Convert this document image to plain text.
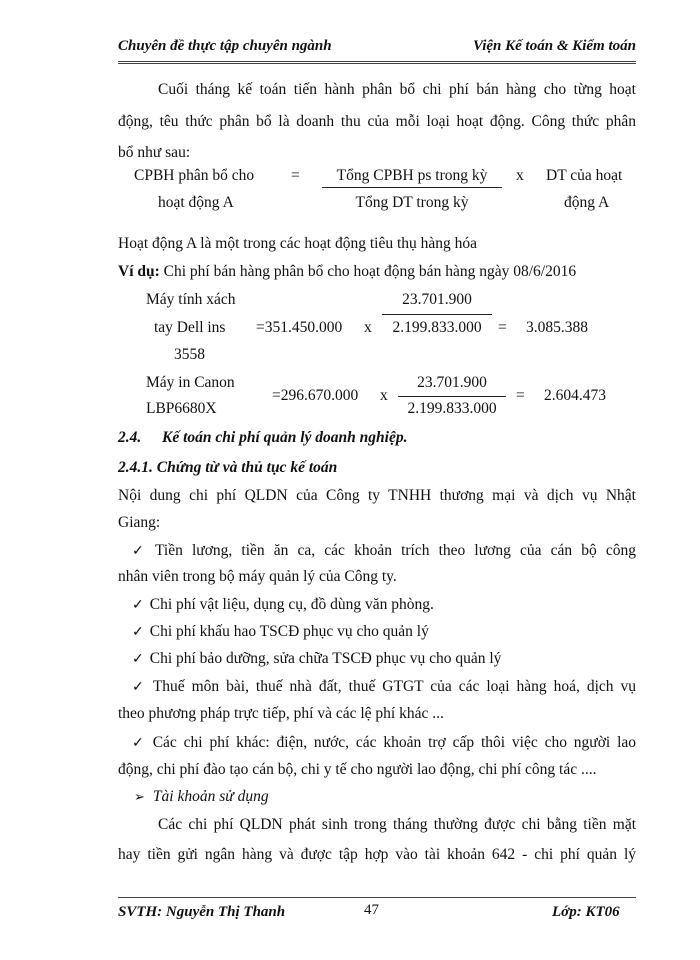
Chuyên đề thực tập chuyên ngành	Viện Kế toán & Kiểm toán
Cuối tháng kế toán tiến hành phân bổ chi phí bán hàng cho từng hoạt
động, têu thức phân bổ là doanh thu của mỗi loại hoạt động. Công thức phân
bổ như sau:
CPBH phân bổ cho
hoạt động A
=	Tổng CPBH ps trong kỳ
Tổng DT trong kỳ
x DT của hoạt
động A
Hoạt động A là một trong các hoạt động tiêu thụ hàng hóa
Ví dụ: Chi phí bán hàng phân bổ cho hoạt động bán hàng ngày 08/6/2016
Máy tính xách
tay Dell ins
3558
=351.450.000 x
23.701.900
2.199.833.000	= 3.085.388
Máy in Canon
LBP6680X
=296.670.000 x
23.701.900
2.199.833.000
= 2.604.473
2.4. Kế toán chi phí quản lý doanh nghiệp.
2.4.1. Chứng từ và thủ tục kế toán
Nội dung chi phí QLDN của Công ty TNHH thương mại và dịch vụ Nhật
Giang:
✓ Tiền lương, tiền ăn ca, các khoản trích theo lương của cán bộ công
nhân viên trong bộ máy quản lý của Công ty.
✓ Chi phí vật liệu, dụng cụ, đồ dùng văn phòng.
✓ Chi phí khấu hao TSCĐ phục vụ cho quản lý
✓ Chi phí bảo dưỡng, sửa chữa TSCĐ phục vụ cho quản lý
✓ Thuế môn bài, thuế nhà đất, thuế GTGT của các loại hàng hoá, dịch vụ
theo phương pháp trực tiếp, phí và các lệ phí khác ...
✓ Các chi phí khác: điện, nước, các khoản trợ cấp thôi việc cho người lao
động, chi phí đào tạo cán bộ, chi y tế cho người lao động, chi phí công tác ....
➢ Tài khoản sử dụng
Các chi phí QLDN phát sinh trong tháng thường được chi bằng tiền mặt
hay tiền gửi ngân hàng và được tập hợp vào tài khoản 642 - chi phí quản lý
SVTH: Nguyễn Thị Thanh	47	Lớp: KT06
